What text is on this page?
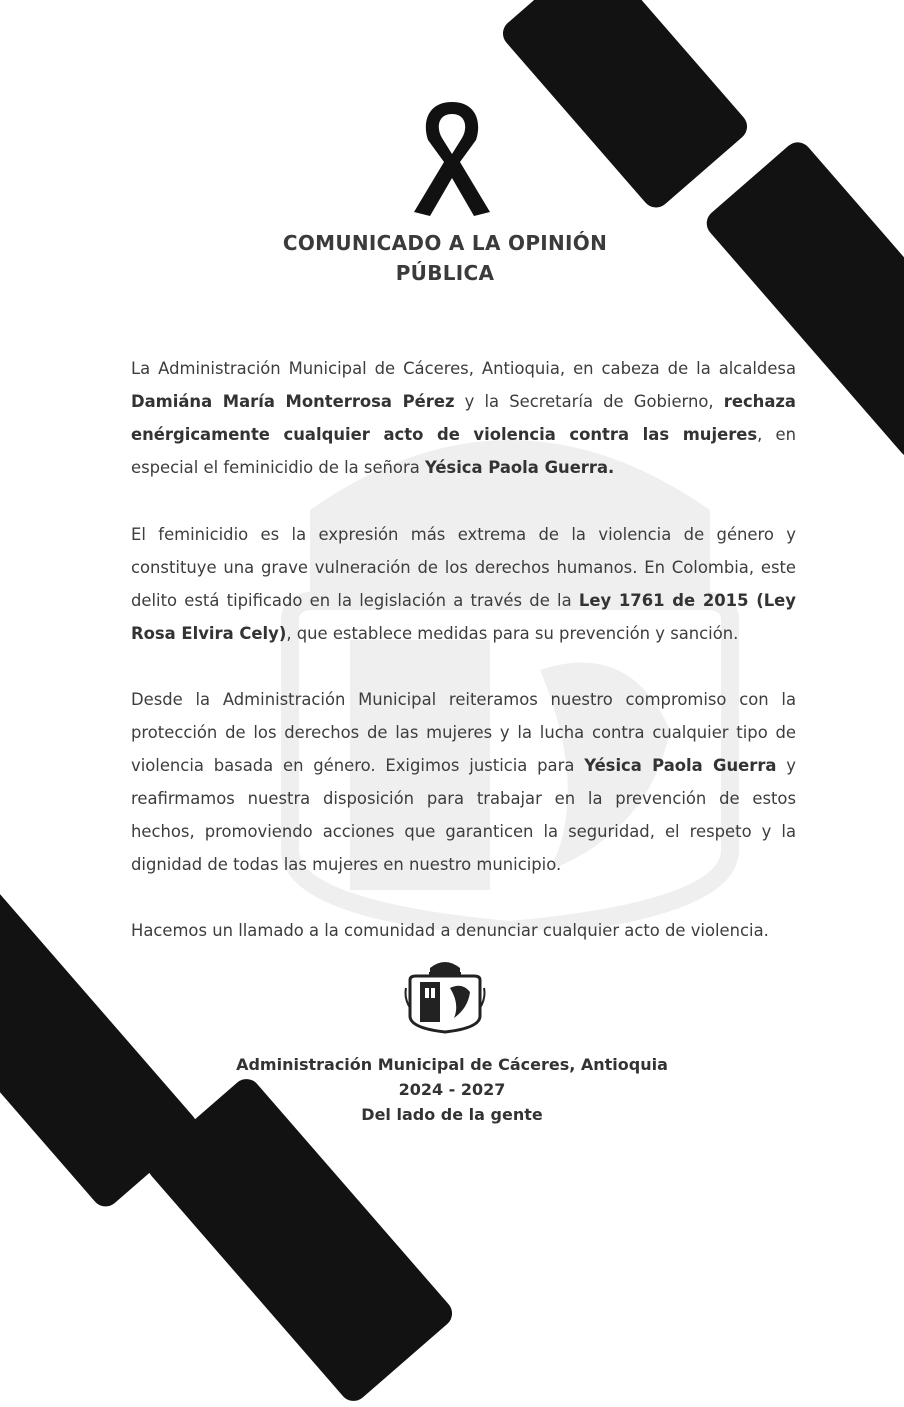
COMUNICADO A LA OPINIÓN
PÚBLICA

La Administración Municipal de Cáceres, Antioquia, en cabeza de la alcaldesa Damiána María Monterrosa Pérez y la Secretaría de Gobierno, rechaza enérgicamente cualquier acto de violencia contra las mujeres, en especial el feminicidio de la señora Yésica Paola Guerra.

El feminicidio es la expresión más extrema de la violencia de género y constituye una grave vulneración de los derechos humanos. En Colombia, este delito está tipificado en la legislación a través de la Ley 1761 de 2015 (Ley Rosa Elvira Cely), que establece medidas para su prevención y sanción.

Desde la Administración Municipal reiteramos nuestro compromiso con la protección de los derechos de las mujeres y la lucha contra cualquier tipo de violencia basada en género. Exigimos justicia para Yésica Paola Guerra y reafirmamos nuestra disposición para trabajar en la prevención de estos hechos, promoviendo acciones que garanticen la seguridad, el respeto y la dignidad de todas las mujeres en nuestro municipio.

Hacemos un llamado a la comunidad a denunciar cualquier acto de violencia.

Administración Municipal de Cáceres, Antioquia
2024 - 2027
Del lado de la gente
